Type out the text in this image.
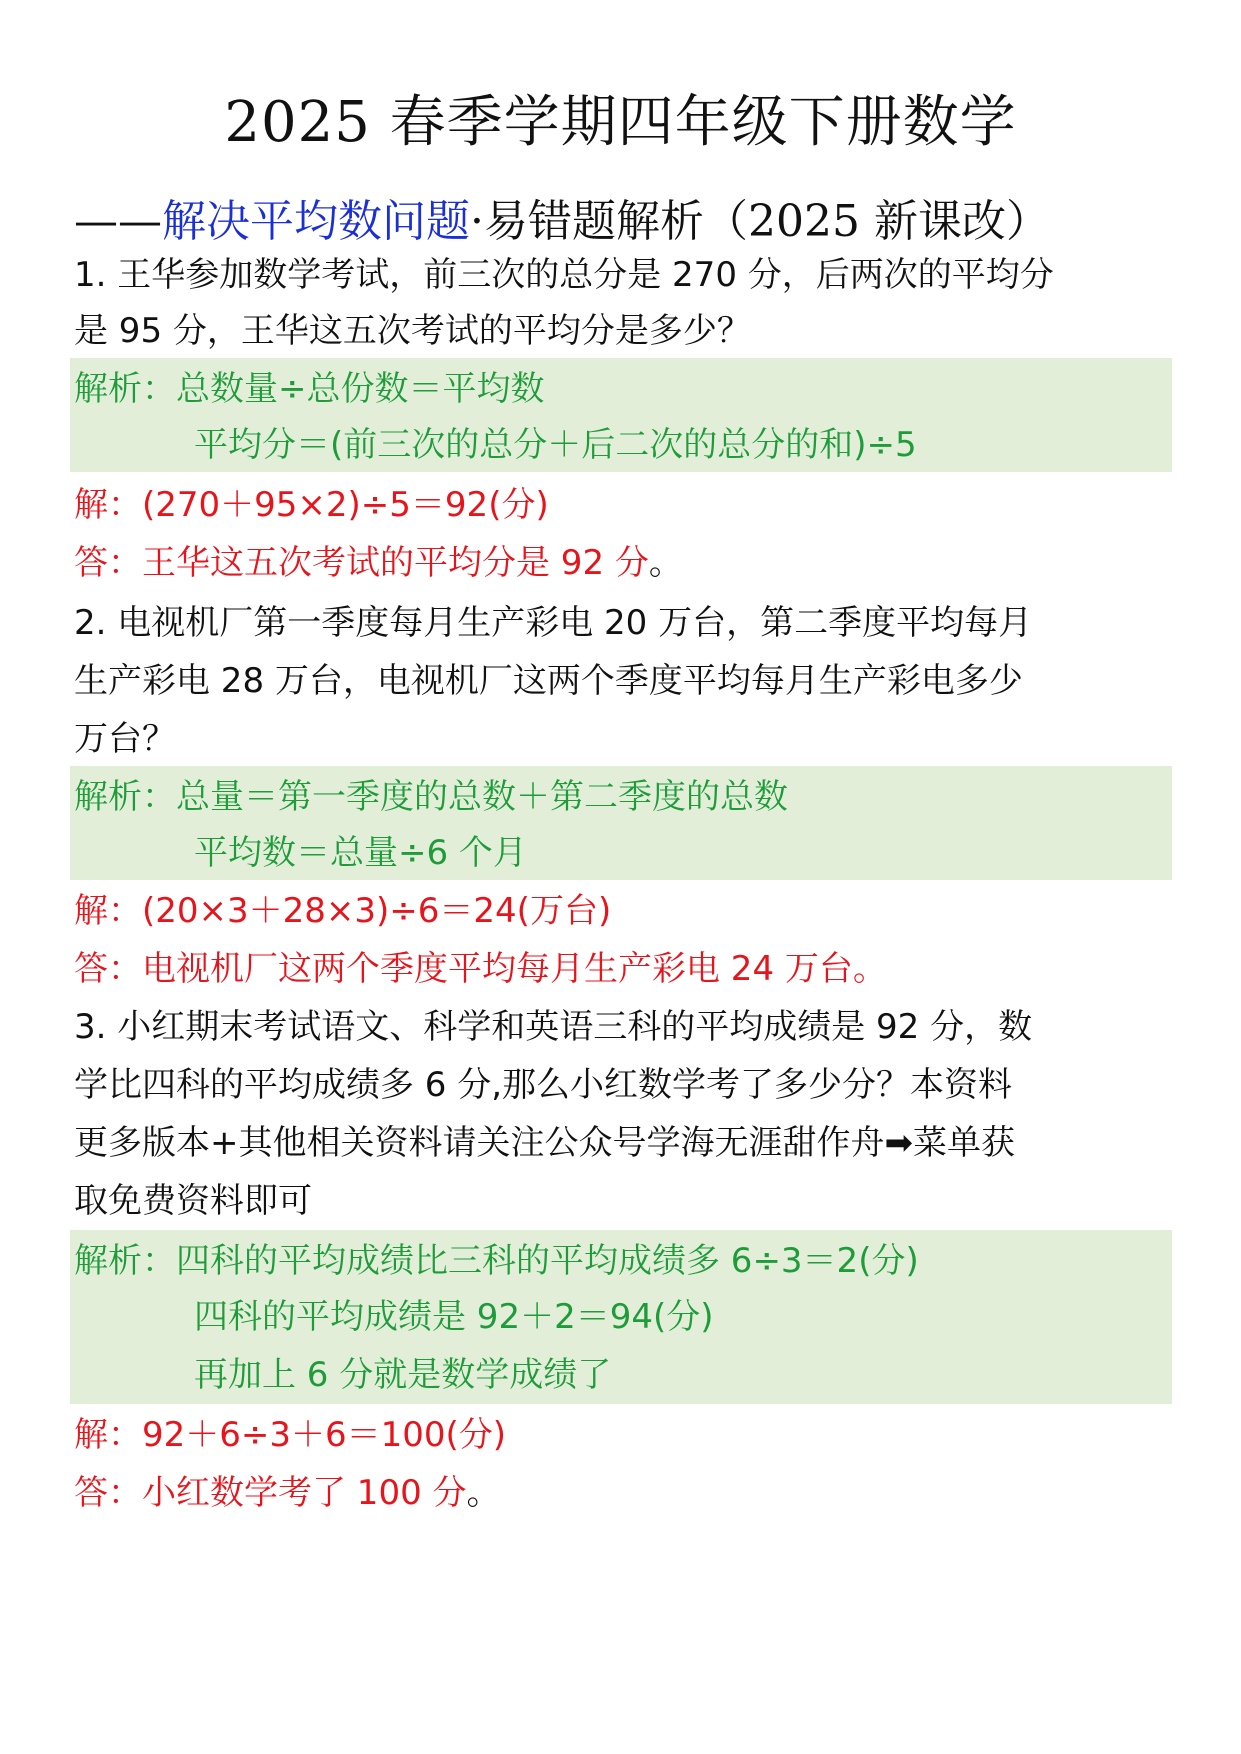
2025 春季学期四年级下册数学
——解决平均数问题·易错题解析（2025 新课改）
1. 王华参加数学考试，前三次的总分是 270 分，后两次的平均分
是 95 分，王华这五次考试的平均分是多少？
解析：总数量÷总份数＝平均数
平均分＝(前三次的总分＋后二次的总分的和)÷5
解：(270＋95×2)÷5＝92(分)
答：王华这五次考试的平均分是 92 分。
2. 电视机厂第一季度每月生产彩电 20 万台，第二季度平均每月
生产彩电 28 万台，电视机厂这两个季度平均每月生产彩电多少
万台？
解析：总量＝第一季度的总数＋第二季度的总数
平均数＝总量÷6 个月
解：(20×3＋28×3)÷6＝24(万台)
答：电视机厂这两个季度平均每月生产彩电 24 万台。
3. 小红期末考试语文、科学和英语三科的平均成绩是 92 分，数
学比四科的平均成绩多 6 分,那么小红数学考了多少分？本资料
更多版本+其他相关资料请关注公众号学海无涯甜作舟➡菜单获
取免费资料即可
解析：四科的平均成绩比三科的平均成绩多 6÷3＝2(分)
四科的平均成绩是 92＋2＝94(分)
再加上 6 分就是数学成绩了
解：92＋6÷3＋6＝100(分)
答：小红数学考了 100 分。
